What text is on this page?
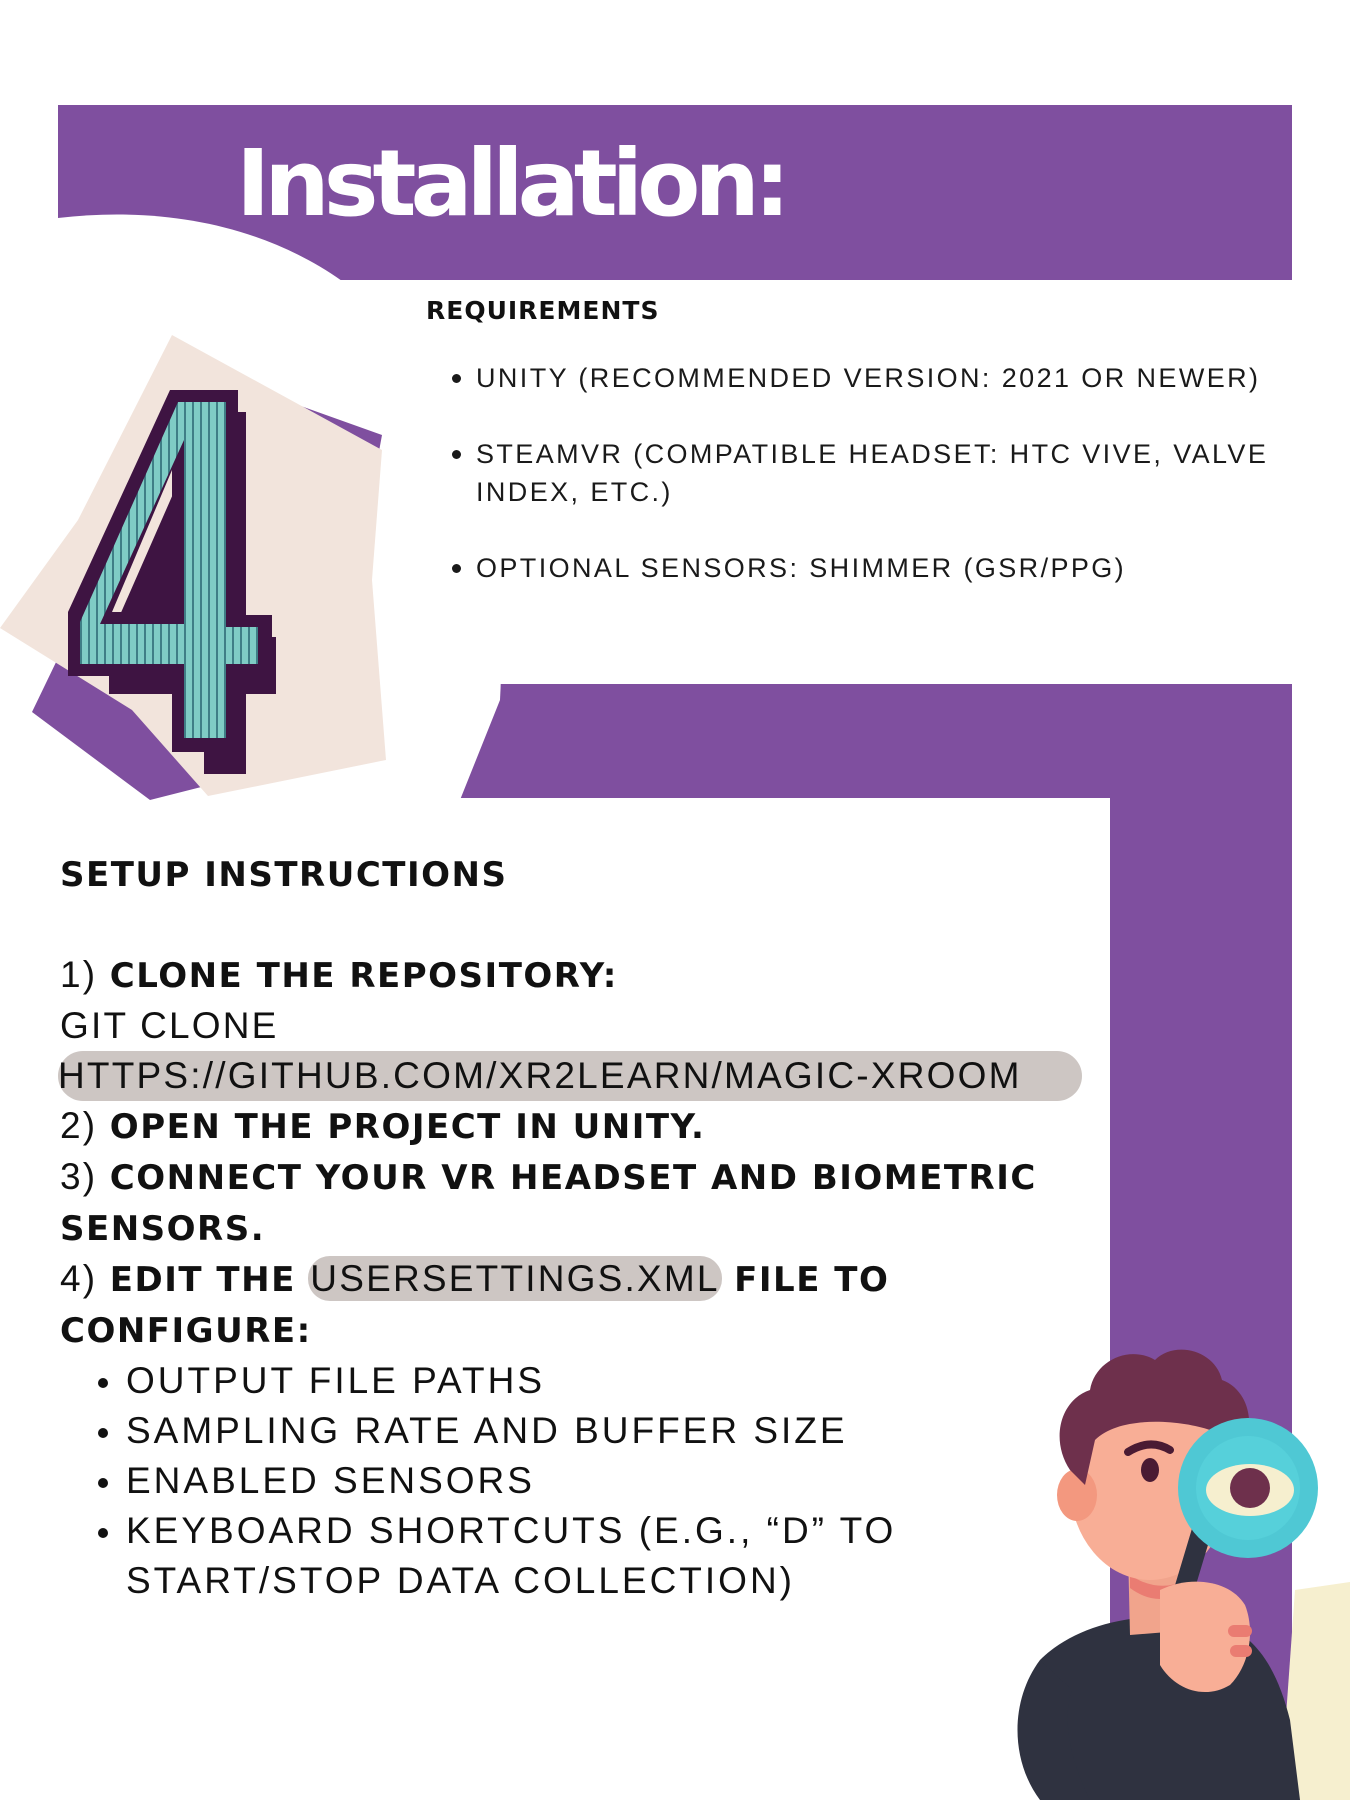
Installation:
REQUIREMENTS
UNITY (RECOMMENDED VERSION: 2021 OR NEWER)
STEAMVR (COMPATIBLE HEADSET: HTC VIVE, VALVE INDEX, ETC.)
OPTIONAL SENSORS: SHIMMER (GSR/PPG)
SETUP INSTRUCTIONS
1) CLONE THE REPOSITORY:
GIT CLONE
HTTPS://GITHUB.COM/XR2LEARN/MAGIC-XROOM
2) OPEN THE PROJECT IN UNITY.
3) CONNECT YOUR VR HEADSET AND BIOMETRIC SENSORS.
4) EDIT THE USERSETTINGS.XML FILE TO CONFIGURE:
OUTPUT FILE PATHS
SAMPLING RATE AND BUFFER SIZE
ENABLED SENSORS
KEYBOARD SHORTCUTS (E.G., “D” TO START/STOP DATA COLLECTION)
